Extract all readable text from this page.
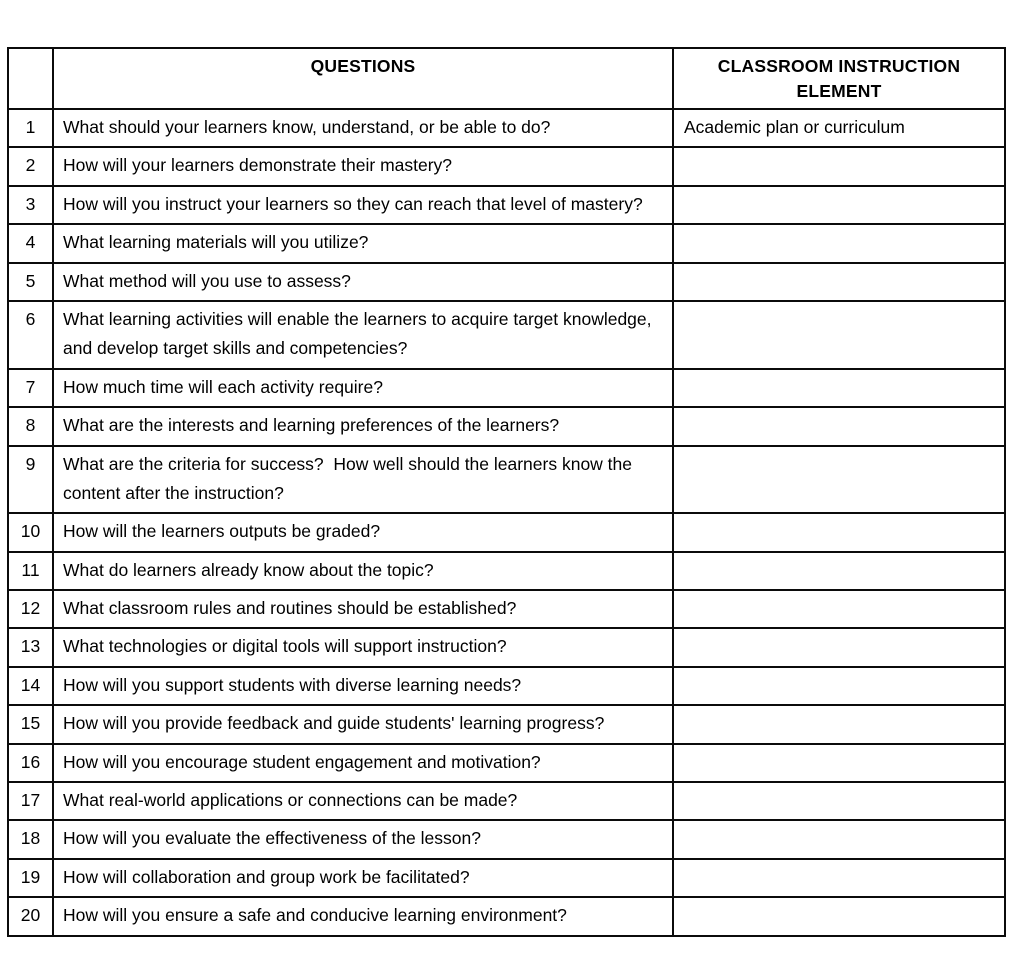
	QUESTIONS	CLASSROOM INSTRUCTION ELEMENT

1	What should your learners know, understand, or be able to do?	Academic plan or curriculum

2	How will your learners demonstrate their mastery?	

3	How will you instruct your learners so they can reach that level of mastery?	

4	What learning materials will you utilize?	

5	What method will you use to assess?	

6	What learning activities will enable the learners to acquire target knowledge, and develop target skills and competencies?	

7	How much time will each activity require?	

8	What are the interests and learning preferences of the learners?	

9	What are the criteria for success?  How well should the learners know the content after the instruction?	

10	How will the learners outputs be graded?	

11	What do learners already know about the topic?	

12	What classroom rules and routines should be established?	

13	What technologies or digital tools will support instruction?	

14	How will you support students with diverse learning needs?	

15	How will you provide feedback and guide students' learning progress?	

16	How will you encourage student engagement and motivation?	

17	What real-world applications or connections can be made?	

18	How will you evaluate the effectiveness of the lesson?	

19	How will collaboration and group work be facilitated?	

20	How will you ensure a safe and conducive learning environment?	
